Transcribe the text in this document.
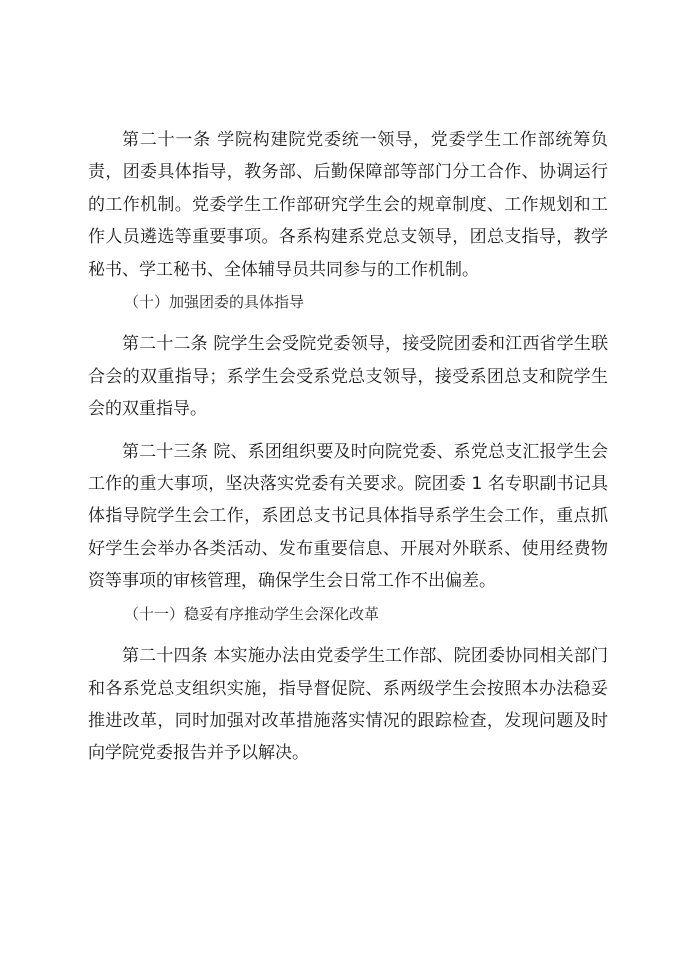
第二十一条 学院构建院党委统一领导，党委学生工作部统筹负责，团委具体指导，教务部、后勤保障部等部门分工合作、协调运行的工作机制。党委学生工作部研究学生会的规章制度、工作规划和工作人员遴选等重要事项。各系构建系党总支领导，团总支指导，教学秘书、学工秘书、全体辅导员共同参与的工作机制。

（十）加强团委的具体指导

第二十二条 院学生会受院党委领导，接受院团委和江西省学生联合会的双重指导；系学生会受系党总支领导，接受系团总支和院学生会的双重指导。

第二十三条 院、系团组织要及时向院党委、系党总支汇报学生会工作的重大事项，坚决落实党委有关要求。院团委 1 名专职副书记具体指导院学生会工作，系团总支书记具体指导系学生会工作，重点抓好学生会举办各类活动、发布重要信息、开展对外联系、使用经费物资等事项的审核管理，确保学生会日常工作不出偏差。

（十一）稳妥有序推动学生会深化改革

第二十四条 本实施办法由党委学生工作部、院团委协同相关部门和各系党总支组织实施，指导督促院、系两级学生会按照本办法稳妥推进改革，同时加强对改革措施落实情况的跟踪检查，发现问题及时向学院党委报告并予以解决。
